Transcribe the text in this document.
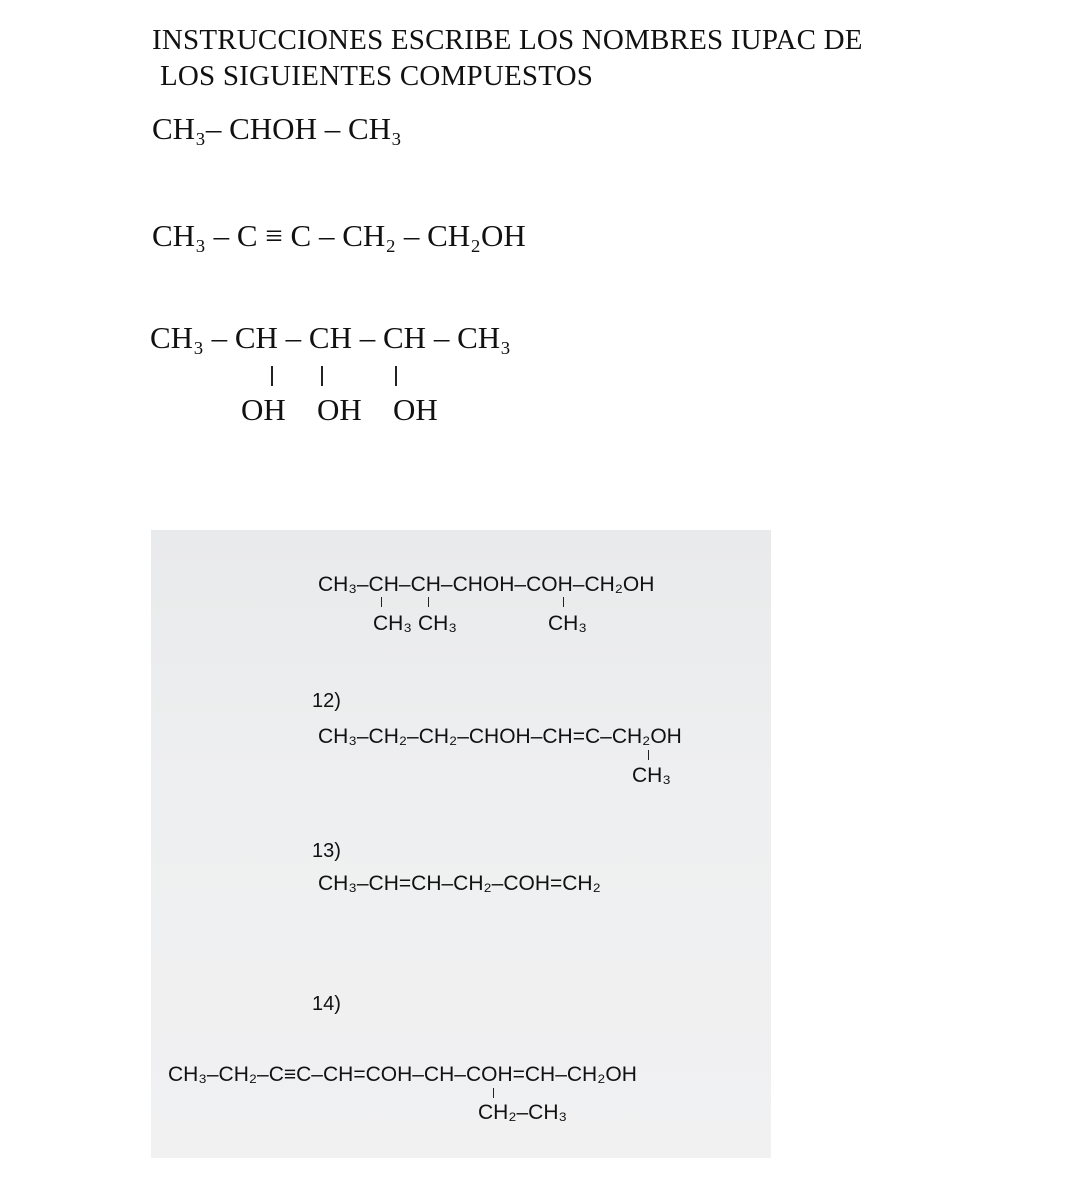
INSTRUCCIONES ESCRIBE LOS NOMBRES IUPAC DE
LOS SIGUIENTES COMPUESTOS
CH₃– CHOH – CH₃
CH₃ – C ≡ C – CH₂ – CH₂OH
CH₃ – CH – CH – CH – CH₃
OH OH OH
CH₃–CH–CH–CHOH–COH–CH₂OH
CH₃ CH₃	CH₃
12)
CH₃–CH₂–CH₂–CHOH–CH=C–CH₂OH
CH₃
13)
CH₃–CH=CH–CH₂–COH=CH₂
14)
CH₃–CH₂–C≡C–CH=COH–CH–COH=CH–CH₂OH
CH₂–CH₃
